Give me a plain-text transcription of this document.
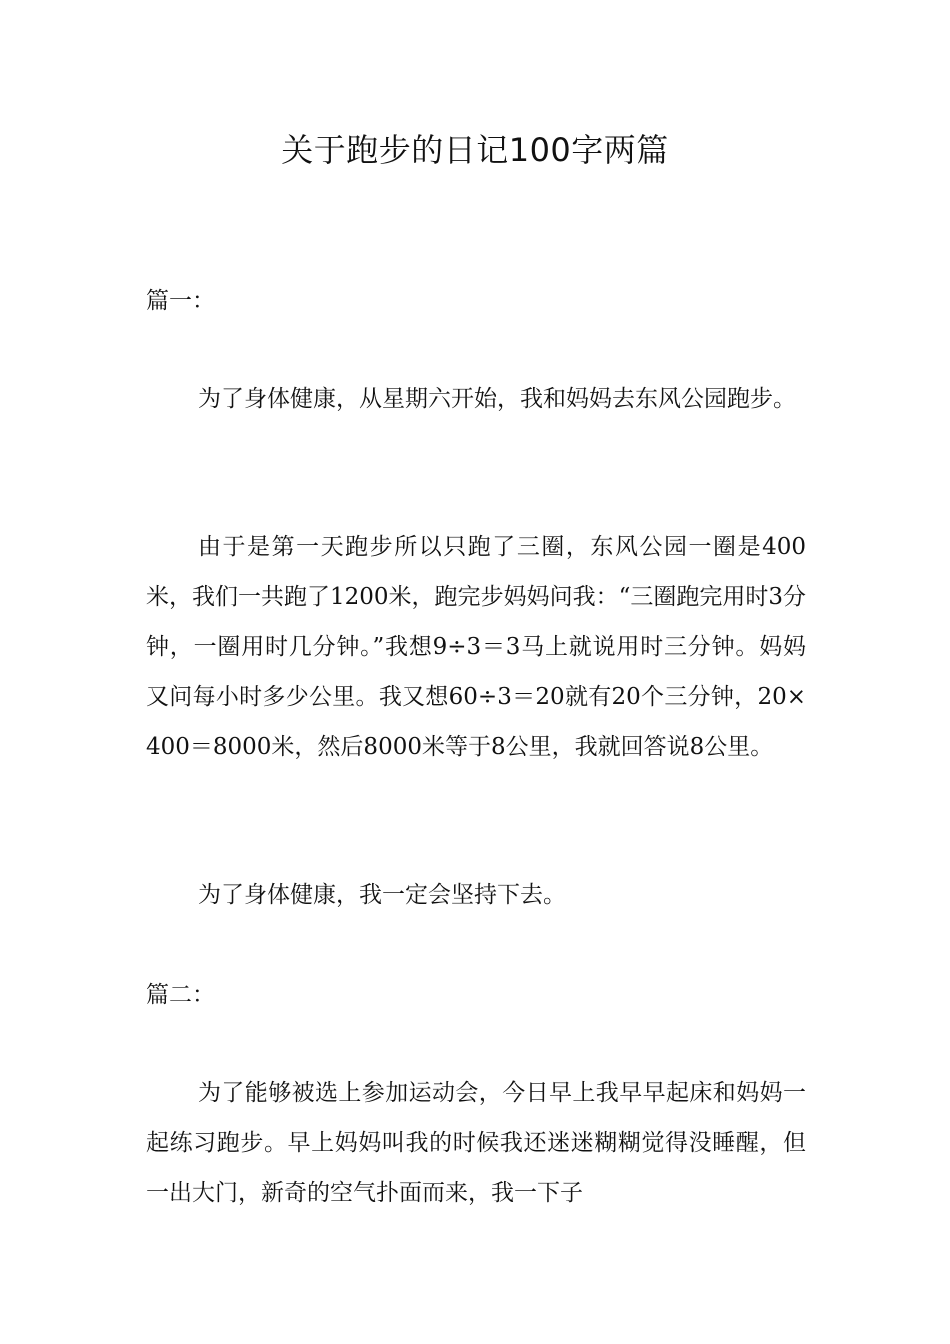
关于跑步的日记100字两篇
篇一：

为了身体健康，从星期六开始，我和妈妈去东风公园跑步。

由于是第一天跑步所以只跑了三圈，东风公园一圈是400米，我们一共跑了1200米，跑完步妈妈问我：“三圈跑完用时3分钟，一圈用时几分钟。”我想9÷3＝3马上就说用时三分钟。妈妈又问每小时多少公里。我又想60÷3＝20就有20个三分钟，20×400＝8000米，然后8000米等于8公里，我就回答说8公里。

为了身体健康，我一定会坚持下去。

篇二：

为了能够被选上参加运动会，今日早上我早早起床和妈妈一起练习跑步。早上妈妈叫我的时候我还迷迷糊糊觉得没睡醒，但一出大门，新奇的空气扑面而来，我一下子
